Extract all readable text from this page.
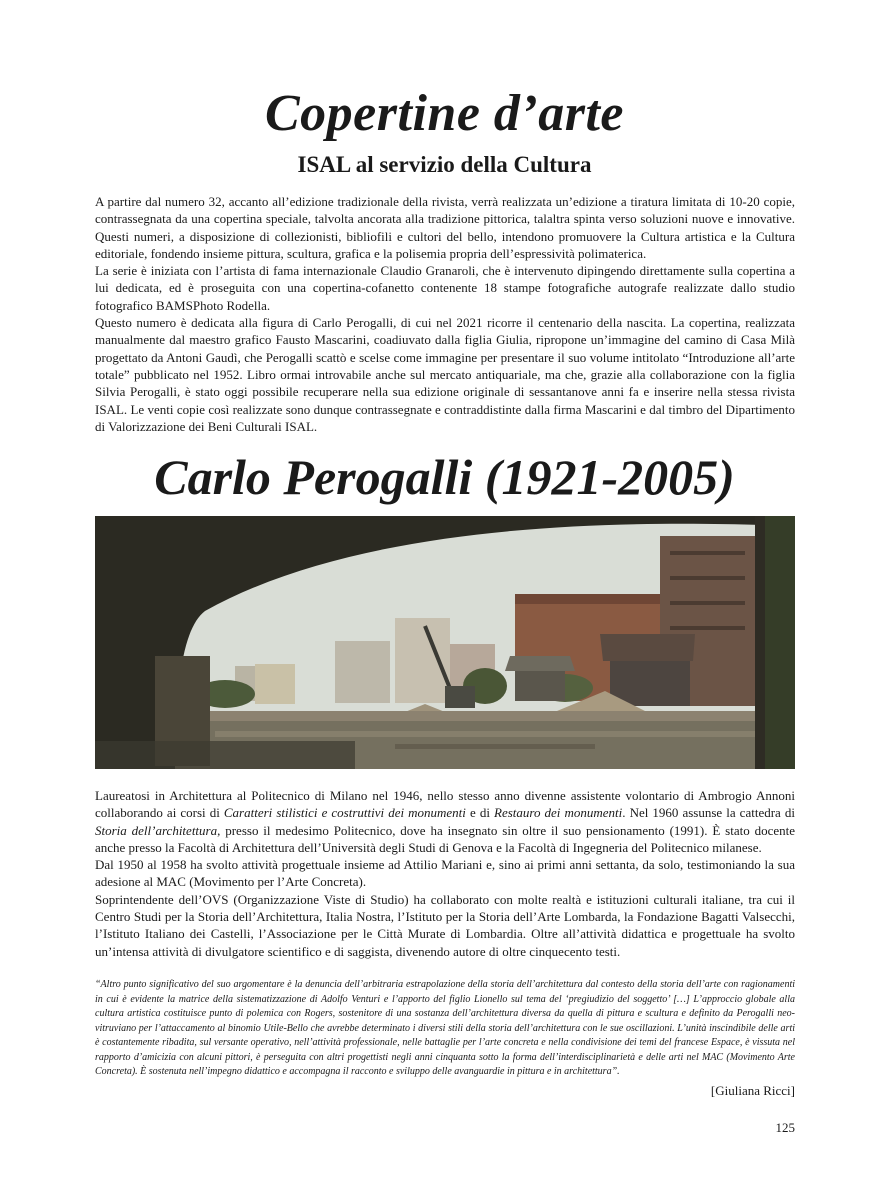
Copertine d’arte
ISAL al servizio della Cultura

A partire dal numero 32, accanto all’edizione tradizionale della rivista, verrà realizzata un’edizione a tiratura limitata di 10-20 copie, contrassegnata da una copertina speciale, talvolta ancorata alla tradizione pittorica, talaltra spinta verso soluzioni nuove e innovative. Questi numeri, a disposizione di collezionisti, bibliofili e cultori del bello, intendono promuovere la Cultura artistica e la Cultura editoriale, fondendo insieme pittura, scultura, grafica e la polisemia propria dell’espressività polimaterica.

La serie è iniziata con l’artista di fama internazionale Claudio Granaroli, che è intervenuto dipingendo direttamente sulla copertina a lui dedicata, ed è proseguita con una copertina-cofanetto contenente 18 stampe fotografiche autografe realizzate dallo studio fotografico BAMSPhoto Rodella.

Questo numero è dedicata alla figura di Carlo Perogalli, di cui nel 2021 ricorre il centenario della nascita. La copertina, realizzata manualmente dal maestro grafico Fausto Mascarini, coadiuvato dalla figlia Giulia, ripropone un’immagine del camino di Casa Milà progettato da Antoni Gaudì, che Perogalli scattò e scelse come immagine per presentare il suo volume intitolato “Introduzione all’arte totale” pubblicato nel 1952. Libro ormai introvabile anche sul mercato antiquariale, ma che, grazie alla collaborazione con la figlia Silvia Perogalli, è stato oggi possibile recuperare nella sua edizione originale di sessantanove anni fa e inserire nella stessa rivista ISAL. Le venti copie così realizzate sono dunque contrassegnate e contraddistinte dalla firma Mascarini e dal timbro del Dipartimento di Valorizzazione dei Beni Culturali ISAL.

Carlo Perogalli (1921-2005)

Laureatosi in Architettura al Politecnico di Milano nel 1946, nello stesso anno divenne assistente volontario di Ambrogio Annoni collaborando ai corsi di Caratteri stilistici e costruttivi dei monumenti e di Restauro dei monumenti. Nel 1960 assunse la cattedra di Storia dell’architettura, presso il medesimo Politecnico, dove ha insegnato sin oltre il suo pensionamento (1991). È stato docente anche presso la Facoltà di Architettura dell’Università degli Studi di Genova e la Facoltà di Ingegneria del Politecnico milanese.

Dal 1950 al 1958 ha svolto attività progettuale insieme ad Attilio Mariani e, sino ai primi anni settanta, da solo, testimoniando la sua adesione al MAC (Movimento per l’Arte Concreta).

Soprintendente dell’OVS (Organizzazione Viste di Studio) ha collaborato con molte realtà e istituzioni culturali italiane, tra cui il Centro Studi per la Storia dell’Architettura, Italia Nostra, l’Istituto per la Storia dell’Arte Lombarda, la Fondazione Bagatti Valsecchi, l’Istituto Italiano dei Castelli, l’Associazione per le Città Murate di Lombardia. Oltre all’attività didattica e progettuale ha svolto un’intensa attività di divulgatore scientifico e di saggista, divenendo autore di oltre cinquecento testi.

“Altro punto significativo del suo argomentare è la denuncia dell’arbitraria estrapolazione della storia dell’architettura dal contesto della storia dell’arte con ragionamenti in cui è evidente la matrice della sistematizzazione di Adolfo Venturi e l’apporto del figlio Lionello sul tema del ‘pregiudizio del soggetto’ […] L’approccio globale alla cultura artistica costituisce punto di polemica con Rogers, sostenitore di una sostanza dell’architettura diversa da quella di pittura e scultura e definito da Perogalli neo-vitruviano per l’attaccamento al binomio Utile-Bello che avrebbe determinato i diversi stili della storia dell’architettura con le sue oscillazioni. L’unità inscindibile delle arti è costantemente ribadita, sul versante operativo, nell’attività professionale, nelle battaglie per l’arte concreta e nella condivisione dei temi del francese Espace, è vissuta nel rapporto d’amicizia con alcuni pittori, è perseguita con altri progettisti negli anni cinquanta sotto la forma dell’interdisciplinarietà e delle arti nel MAC (Movimento Arte Concreta). È sostenuta nell’impegno didattico e accompagna il racconto e sviluppo delle avanguardie in pittura e in architettura”.

[Giuliana Ricci]

125
